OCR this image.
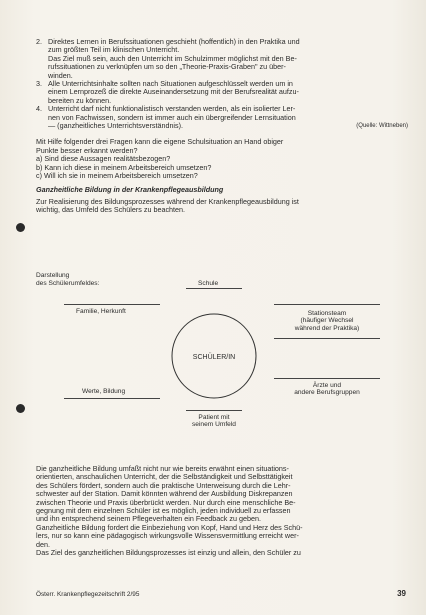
2. Direktes Lernen in Berufssituationen geschieht (hoffentlich) in den Praktika und
zum größten Teil im klinischen Unterricht.
Das Ziel muß sein, auch den Unterricht im Schulzimmer möglichst mit den Be-
rufssituationen zu verknüpfen um so den „Theorie-Praxis-Graben" zu über-
winden.
3. Alle Unterrichtsinhalte sollten nach Situationen aufgeschlüsselt werden um in
einem Lernprozeß die direkte Auseinandersetzung mit der Berufsrealität aufzu-
bereiten zu können.
4. Unterricht darf nicht funktionalistisch verstanden werden, als ein isolierter Ler-
nen von Fachwissen, sondern ist immer auch ein übergreifender Lernsituation
— (ganzheitliches Unterrichtsverständnis).	(Quelle: Wittneben)
Mit Hilfe folgender drei Fragen kann die eigene Schulsituation an Hand obiger
Punkte besser erkannt werden?
a) Sind diese Aussagen realitätsbezogen?
b) Kann ich diese in meinem Arbeitsbereich umsetzen?
c) Will ich sie in meinem Arbeitsbereich umsetzen?
Ganzheitliche Bildung in der Krankenpflegeausbildung
Zur Realisierung des Bildungsprozesses während der Krankenpflegeausbildung ist
wichtig, das Umfeld des Schülers zu beachten.
Darstellung
des Schülerumfeldes:	Schule
Familie, Herkunft	Stationsteam
(häufiger Wechsel
während der Praktika)
SCHÜLER/IN
Ärzte und
andere Berufsgruppen
Werte, Bildung
Patient mit
seinem Umfeld
Die ganzheitliche Bildung umfaßt nicht nur wie bereits erwähnt einen situations-
orientierten, anschaulichen Unterricht, der die Selbständigkeit und Selbsttätigkeit
des Schülers fördert, sondern auch die praktische Unterweisung durch die Lehr-
schwester auf der Station. Damit könnten während der Ausbildung Diskrepanzen
zwischen Theorie und Praxis überbrückt werden. Nur durch eine menschliche Be-
gegnung mit dem einzelnen Schüler ist es möglich, jeden individuell zu erfassen
und ihn entsprechend seinem Pflegeverhalten ein Feedback zu geben.
Ganzheitliche Bildung fordert die Einbeziehung von Kopf, Hand und Herz des Schü-
lers, nur so kann eine pädagogisch wirkungsvolle Wissensvermittlung erreicht wer-
den.
Das Ziel des ganzheitlichen Bildungsprozesses ist einzig und allein, den Schüler zu
Österr. Krankenpflegezeitschrift 2/95	39
